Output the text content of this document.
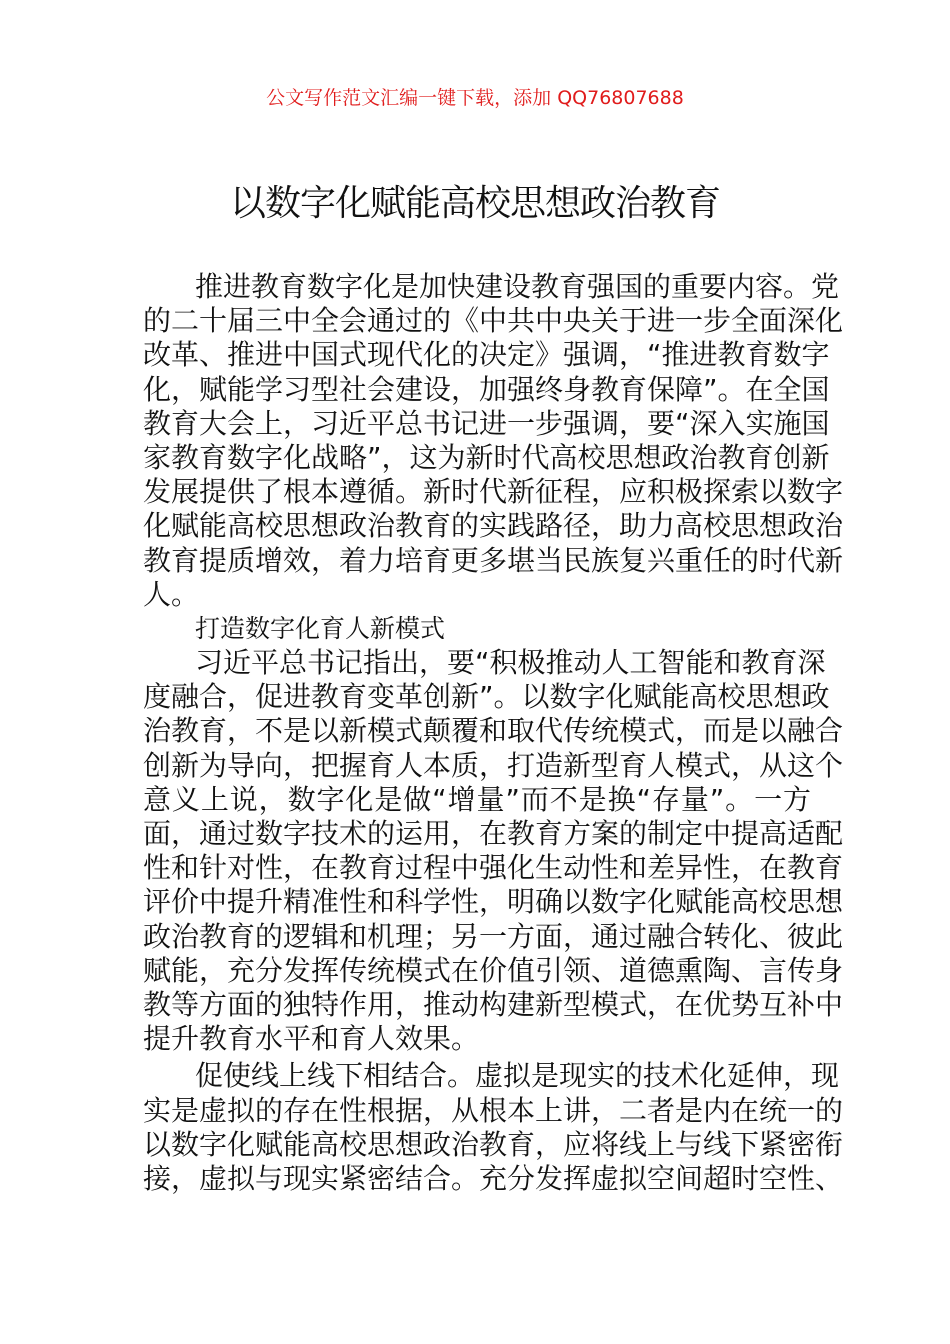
公文写作范文汇编一键下载，添加 QQ76807688
以数字化赋能高校思想政治教育
推进教育数字化是加快建设教育强国的重要内容。党
的二十届三中全会通过的《中共中央关于进一步全面深化
改革、推进中国式现代化的决定》强调，“推进教育数字
化，赋能学习型社会建设，加强终身教育保障”。在全国
教育大会上，习近平总书记进一步强调，要“深入实施国
家教育数字化战略”，这为新时代高校思想政治教育创新
发展提供了根本遵循。新时代新征程，应积极探索以数字
化赋能高校思想政治教育的实践路径，助力高校思想政治
教育提质增效，着力培育更多堪当民族复兴重任的时代新
人。
打造数字化育人新模式
习近平总书记指出，要“积极推动人工智能和教育深
度融合，促进教育变革创新”。以数字化赋能高校思想政
治教育，不是以新模式颠覆和取代传统模式，而是以融合
创新为导向，把握育人本质，打造新型育人模式，从这个
意义上说，数字化是做“增量”而不是换“存量”。一方
面，通过数字技术的运用，在教育方案的制定中提高适配
性和针对性，在教育过程中强化生动性和差异性，在教育
评价中提升精准性和科学性，明确以数字化赋能高校思想
政治教育的逻辑和机理；另一方面，通过融合转化、彼此
赋能，充分发挥传统模式在价值引领、道德熏陶、言传身
教等方面的独特作用，推动构建新型模式，在优势互补中
提升教育水平和育人效果。
促使线上线下相结合。虚拟是现实的技术化延伸，现
实是虚拟的存在性根据，从根本上讲，二者是内在统一的
以数字化赋能高校思想政治教育，应将线上与线下紧密衔
接，虚拟与现实紧密结合。充分发挥虚拟空间超时空性、
